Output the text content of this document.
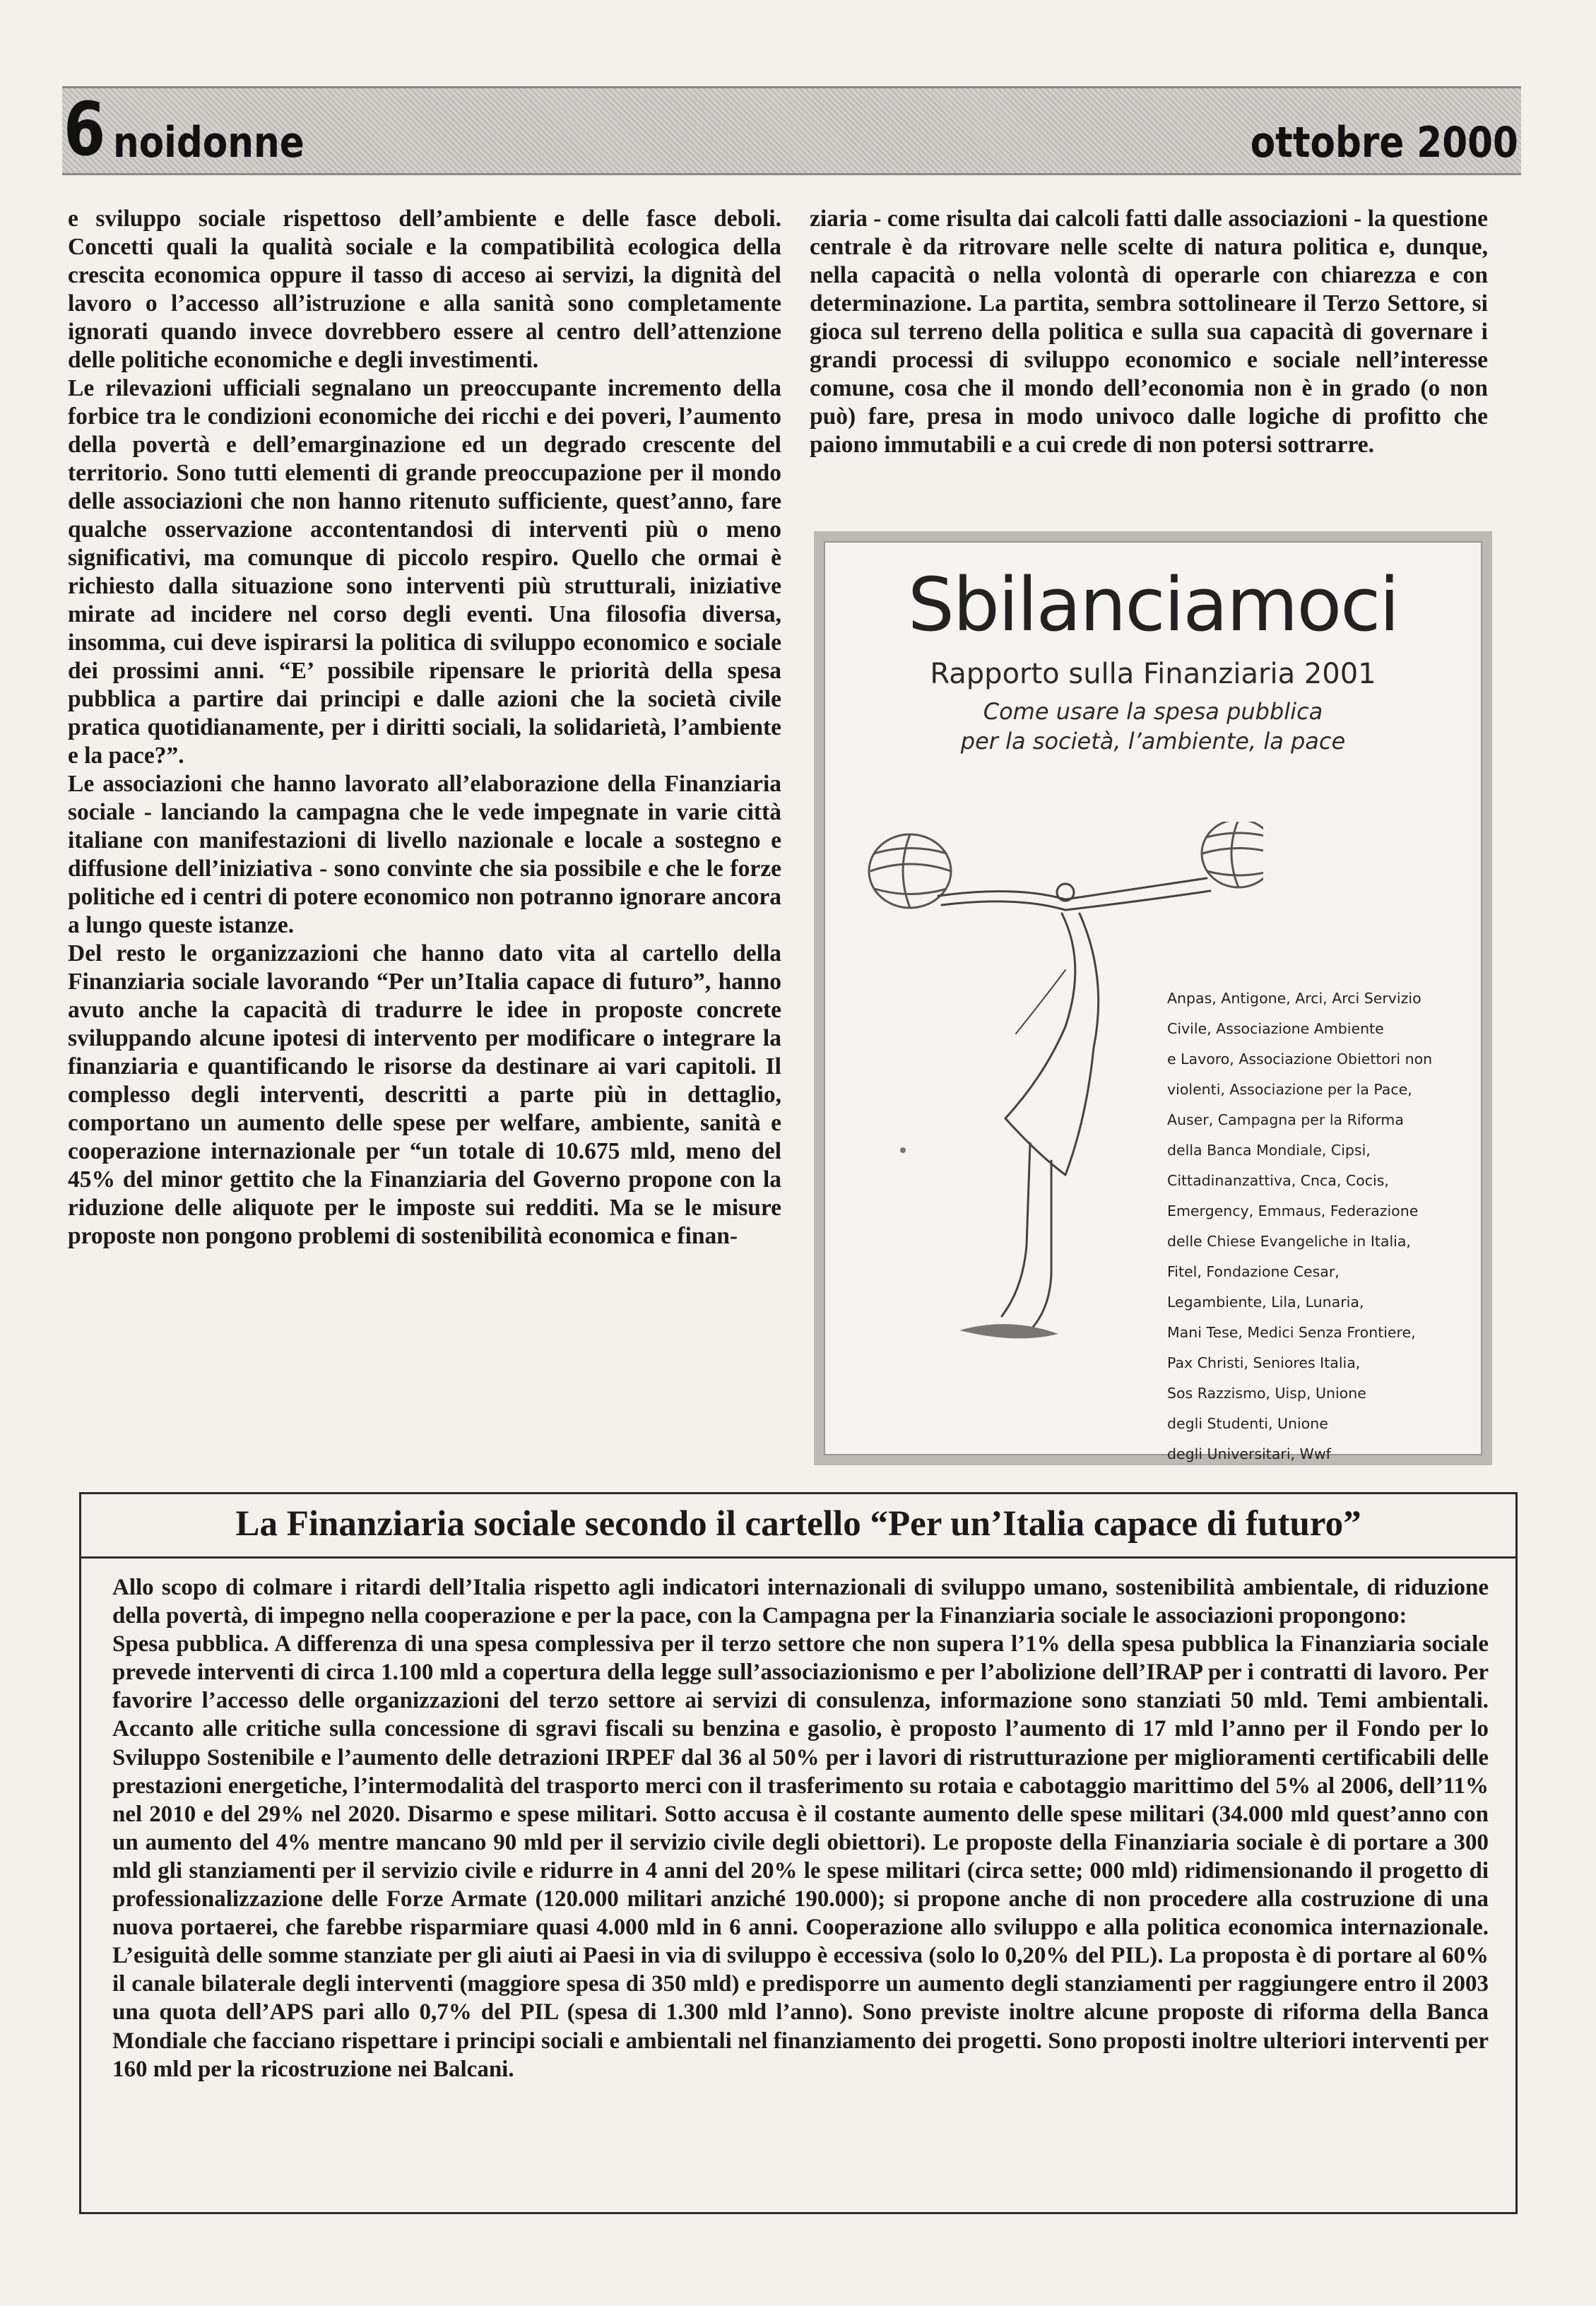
6 noidonne	ottobre 2000

e sviluppo sociale rispettoso dell’ambiente e delle fasce deboli. Concetti quali la qualità sociale e la compatibilità ecologica della crescita economica oppure il tasso di acceso ai servizi, la dignità del lavoro o l’accesso all’istruzione e alla sanità sono completamente ignorati quando invece dovrebbero essere al centro dell’attenzione delle politiche economiche e degli investimenti.

Le rilevazioni ufficiali segnalano un preoccupante incremento della forbice tra le condizioni economiche dei ricchi e dei poveri, l’aumento della povertà e dell’emarginazione ed un degrado crescente del territorio. Sono tutti elementi di grande preoccupazione per il mondo delle associazioni che non hanno ritenuto sufficiente, quest’anno, fare qualche osservazione accontentandosi di interventi più o meno significativi, ma comunque di piccolo respiro. Quello che ormai è richiesto dalla situazione sono interventi più strutturali, iniziative mirate ad incidere nel corso degli eventi. Una filosofia diversa, insomma, cui deve ispirarsi la politica di sviluppo economico e sociale dei prossimi anni. “E’ possibile ripensare le priorità della spesa pubblica a partire dai principi e dalle azioni che la società civile pratica quotidianamente, per i diritti sociali, la solidarietà, l’ambiente e la pace?”.

Le associazioni che hanno lavorato all’elaborazione della Finanziaria sociale - lanciando la campagna che le vede impegnate in varie città italiane con manifestazioni di livello nazionale e locale a sostegno e diffusione dell’iniziativa - sono convinte che sia possibile e che le forze politiche ed i centri di potere economico non potranno ignorare ancora a lungo queste istanze.

Del resto le organizzazioni che hanno dato vita al cartello della Finanziaria sociale lavorando “Per un’Italia capace di futuro”, hanno avuto anche la capacità di tradurre le idee in proposte concrete sviluppando alcune ipotesi di intervento per modificare o integrare la finanziaria e quantificando le risorse da destinare ai vari capitoli. Il complesso degli interventi, descritti a parte più in dettaglio, comportano un aumento delle spese per welfare, ambiente, sanità e cooperazione internazionale per “un totale di 10.675 mld, meno del 45% del minor gettito che la Finanziaria del Governo propone con la riduzione delle aliquote per le imposte sui redditi. Ma se le misure proposte non pongono problemi di sostenibilità economica e finan-

ziaria - come risulta dai calcoli fatti dalle associazioni - la questione centrale è da ritrovare nelle scelte di natura politica e, dunque, nella capacità o nella volontà di operarle con chiarezza e con determinazione. La partita, sembra sottolineare il Terzo Settore, si gioca sul terreno della politica e sulla sua capacità di governare i grandi processi di sviluppo economico e sociale nell’interesse comune, cosa che il mondo dell’economia non è in grado (o non può) fare, presa in modo univoco dalle logiche di profitto che paiono immutabili e a cui crede di non potersi sottrarre.

Sbilanciamoci
Rapporto sulla Finanziaria 2001
Come usare la spesa pubblica
per la società, l’ambiente, la pace
Anpas, Antigone, Arci, Arci Servizio
Civile, Associazione Ambiente
e Lavoro, Associazione Obiettori non
violenti, Associazione per la Pace,
Auser, Campagna per la Riforma
della Banca Mondiale, Cipsi,
Cittadinanzattiva, Cnca, Cocis,
Emergency, Emmaus, Federazione
delle Chiese Evangeliche in Italia,
Fitel, Fondazione Cesar,
Legambiente, Lila, Lunaria,
Mani Tese, Medici Senza Frontiere,
Pax Christi, Seniores Italia,
Sos Razzismo, Uisp, Unione
degli Studenti, Unione
degli Universitari, Wwf
La Finanziaria sociale secondo il cartello “Per un’Italia capace di futuro”

Allo scopo di colmare i ritardi dell’Italia rispetto agli indicatori internazionali di sviluppo umano, sostenibilità ambientale, di riduzione della povertà, di impegno nella cooperazione e per la pace, con la Campagna per la Finanziaria sociale le associazioni propongono:

Spesa pubblica. A differenza di una spesa complessiva per il terzo settore che non supera l’1% della spesa pubblica la Finanziaria sociale prevede interventi di circa 1.100 mld a copertura della legge sull’associazionismo e per l’abolizione dell’IRAP per i contratti di lavoro. Per favorire l’accesso delle organizzazioni del terzo settore ai servizi di consulenza, informazione sono stanziati 50 mld. Temi ambientali. Accanto alle critiche sulla concessione di sgravi fiscali su benzina e gasolio, è proposto l’aumento di 17 mld l’anno per il Fondo per lo Sviluppo Sostenibile e l’aumento delle detrazioni IRPEF dal 36 al 50% per i lavori di ristrutturazione per miglioramenti certificabili delle prestazioni energetiche, l’intermodalità del trasporto merci con il trasferimento su rotaia e cabotaggio marittimo del 5% al 2006, dell’11% nel 2010 e del 29% nel 2020. Disarmo e spese militari. Sotto accusa è il costante aumento delle spese militari (34.000 mld quest’anno con un aumento del 4% mentre mancano 90 mld per il servizio civile degli obiettori). Le proposte della Finanziaria sociale è di portare a 300 mld gli stanziamenti per il servizio civile e ridurre in 4 anni del 20% le spese militari (circa sette; 000 mld) ridimensionando il progetto di professionalizzazione delle Forze Armate (120.000 militari anziché 190.000); si propone anche di non procedere alla costruzione di una nuova portaerei, che farebbe risparmiare quasi 4.000 mld in 6 anni. Cooperazione allo sviluppo e alla politica economica internazionale. L’esiguità delle somme stanziate per gli aiuti ai Paesi in via di sviluppo è eccessiva (solo lo 0,20% del PIL). La proposta è di portare al 60% il canale bilaterale degli interventi (maggiore spesa di 350 mld) e predisporre un aumento degli stanziamenti per raggiungere entro il 2003 una quota dell’APS pari allo 0,7% del PIL (spesa di 1.300 mld l’anno). Sono previste inoltre alcune proposte di riforma della Banca Mondiale che facciano rispettare i principi sociali e ambientali nel finanziamento dei progetti. Sono proposti inoltre ulteriori interventi per 160 mld per la ricostruzione nei Balcani.
